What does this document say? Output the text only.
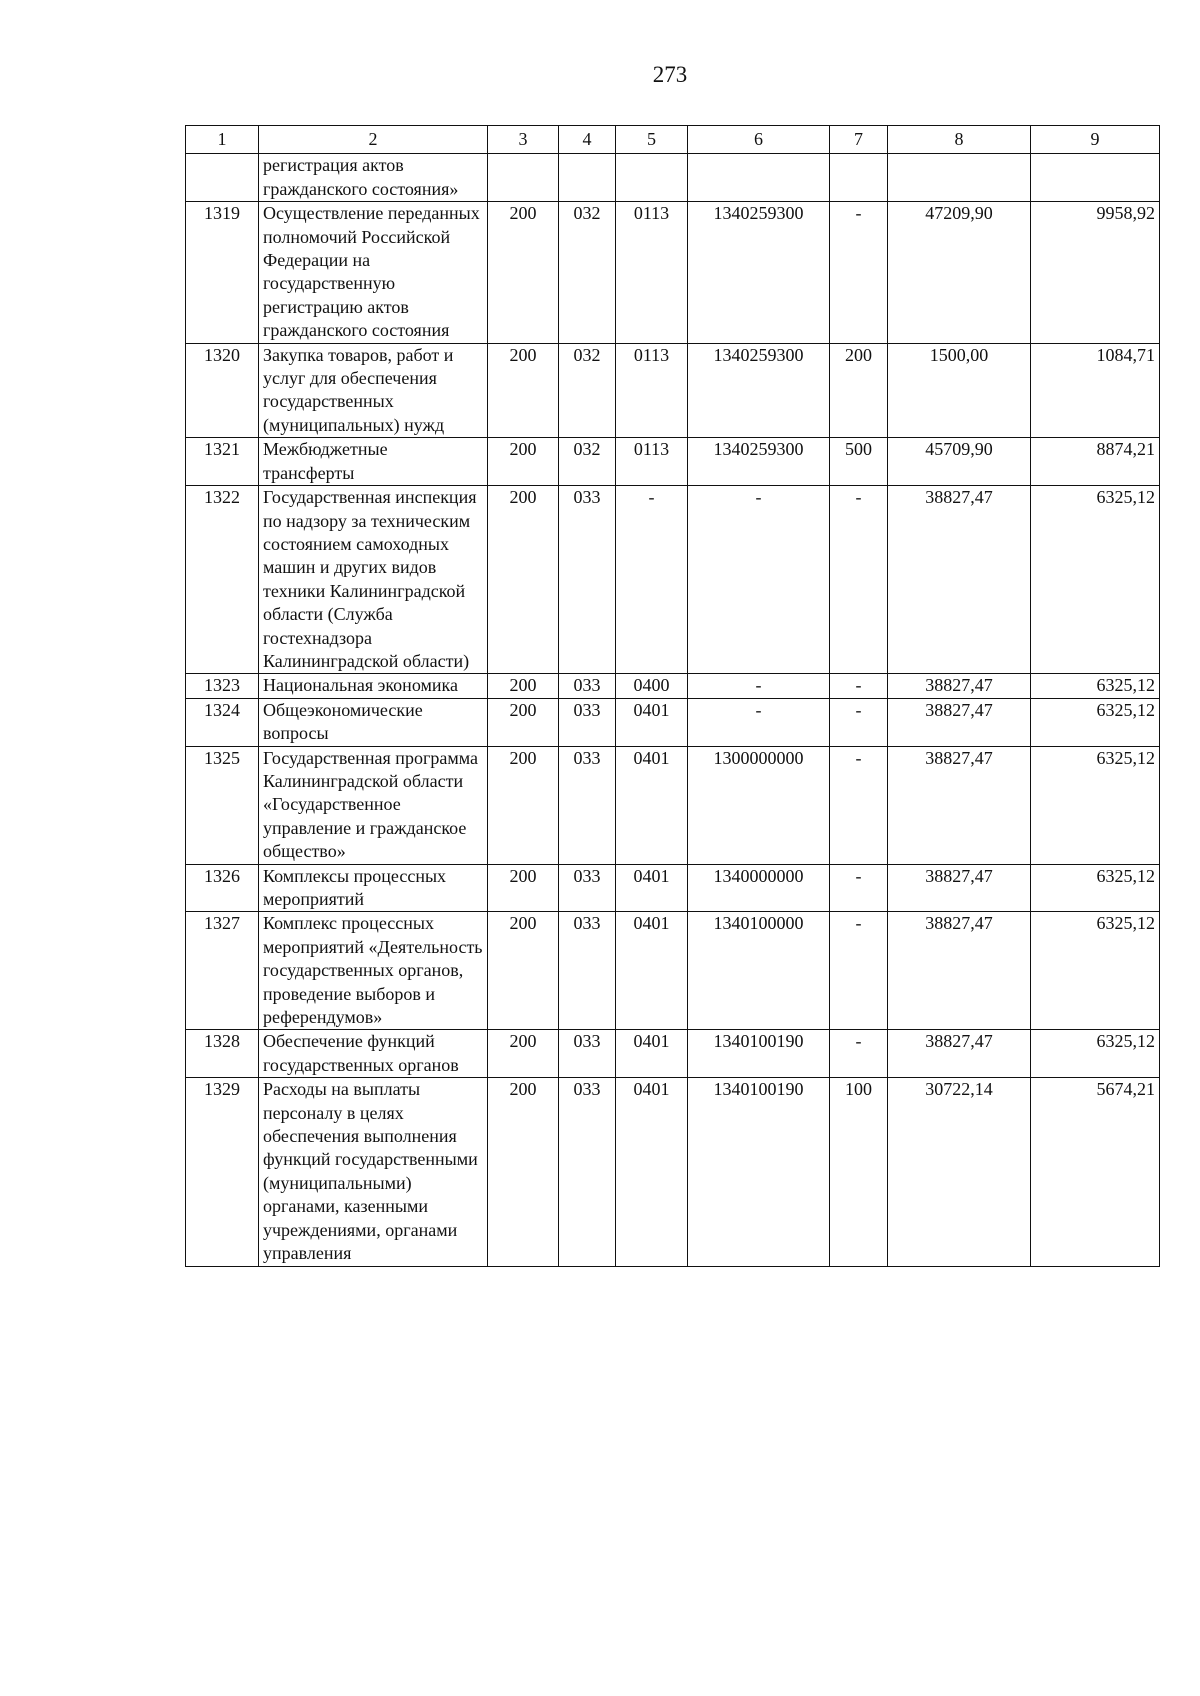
273
1	2	3	4	5	6	7	8	9
	регистрация актов гражданского состояния»							
1319	Осуществление переданных полномочий Российской Федерации на государственную регистрацию актов гражданского состояния	200	032	0113	1340259300	-	47209,90	9958,92
1320	Закупка товаров, работ и услуг для обеспечения государственных (муниципальных) нужд	200	032	0113	1340259300	200	1500,00	1084,71
1321	Межбюджетные трансферты	200	032	0113	1340259300	500	45709,90	8874,21
1322	Государственная инспекция по надзору за техническим состоянием самоходных машин и других видов техники Калининградской области (Служба гостехнадзора Калининградской области)	200	033	-	-	-	38827,47	6325,12
1323	Национальная экономика	200	033	0400	-	-	38827,47	6325,12
1324	Общеэкономические вопросы	200	033	0401	-	-	38827,47	6325,12
1325	Государственная программа Калининградской области «Государственное управление и гражданское общество»	200	033	0401	1300000000	-	38827,47	6325,12
1326	Комплексы процессных мероприятий	200	033	0401	1340000000	-	38827,47	6325,12
1327	Комплекс процессных мероприятий «Деятельность государственных органов, проведение выборов и референдумов»	200	033	0401	1340100000	-	38827,47	6325,12
1328	Обеспечение функций государственных органов	200	033	0401	1340100190	-	38827,47	6325,12
1329	Расходы на выплаты персоналу в целях обеспечения выполнения функций государственными (муниципальными) органами, казенными учреждениями, органами управления	200	033	0401	1340100190	100	30722,14	5674,21
